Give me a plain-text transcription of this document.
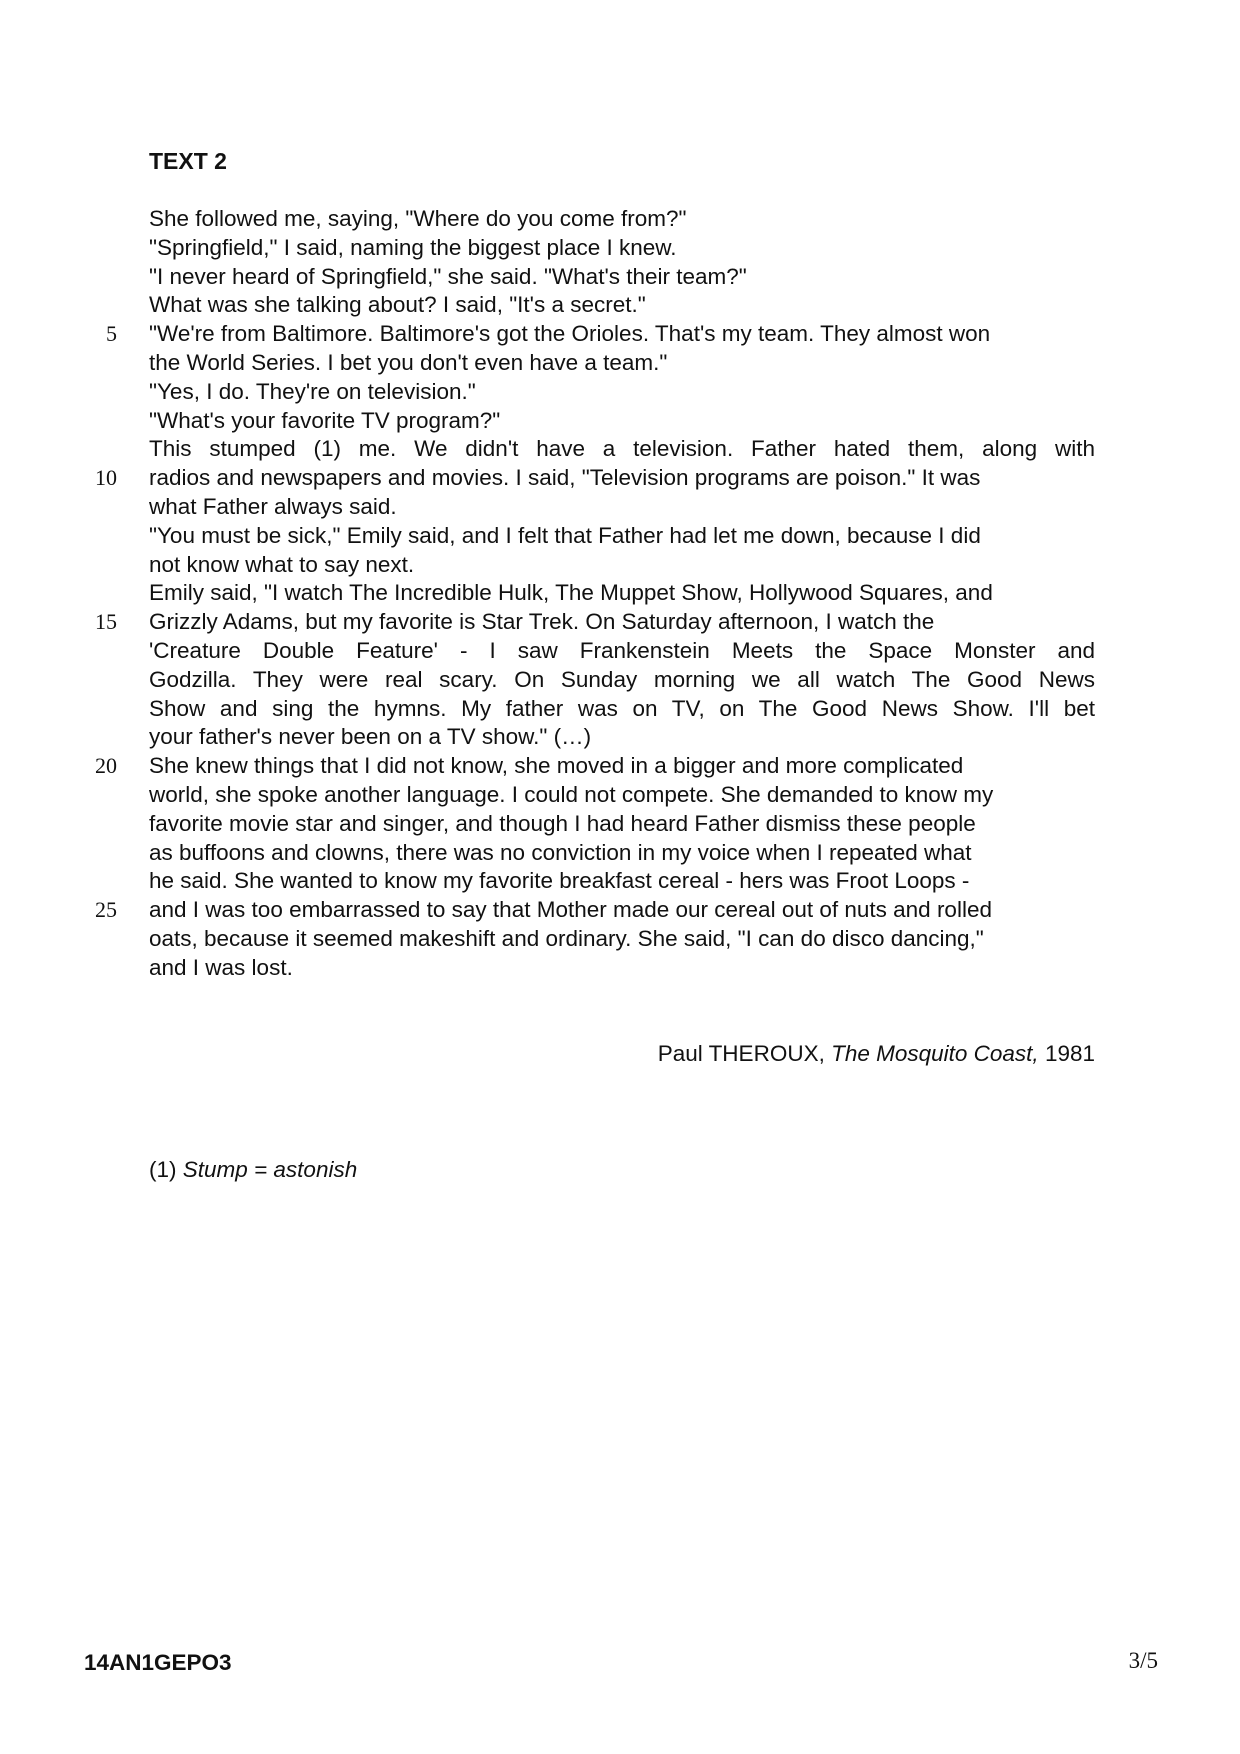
TEXT 2
She followed me, saying, "Where do you come from?"
"Springfield," I said, naming the biggest place I knew.
"I never heard of Springfield," she said. "What's their team?"
What was she talking about? I said, "It's a secret."
5 "We're from Baltimore. Baltimore's got the Orioles. That's my team. They almost won
the World Series. I bet you don't even have a team."
"Yes, I do. They're on television."
"What's your favorite TV program?"
This stumped (1) me. We didn't have a television. Father hated them, along with
10 radios and newspapers and movies. I said, "Television programs are poison." It was
what Father always said.
"You must be sick," Emily said, and I felt that Father had let me down, because I did
not know what to say next.
Emily said, "I watch The Incredible Hulk, The Muppet Show, Hollywood Squares, and
15 Grizzly Adams, but my favorite is Star Trek. On Saturday afternoon, I watch the
'Creature Double Feature' - I saw Frankenstein Meets the Space Monster and
Godzilla. They were real scary. On Sunday morning we all watch The Good News
Show and sing the hymns. My father was on TV, on The Good News Show. I'll bet
your father's never been on a TV show." (…)
20 She knew things that I did not know, she moved in a bigger and more complicated
world, she spoke another language. I could not compete. She demanded to know my
favorite movie star and singer, and though I had heard Father dismiss these people
as buffoons and clowns, there was no conviction in my voice when I repeated what
he said. She wanted to know my favorite breakfast cereal - hers was Froot Loops -
25 and I was too embarrassed to say that Mother made our cereal out of nuts and rolled
oats, because it seemed makeshift and ordinary. She said, "I can do disco dancing,"
and I was lost.
Paul THEROUX, The Mosquito Coast, 1981
(1) Stump = astonish
14AN1GEPO3	3/5
